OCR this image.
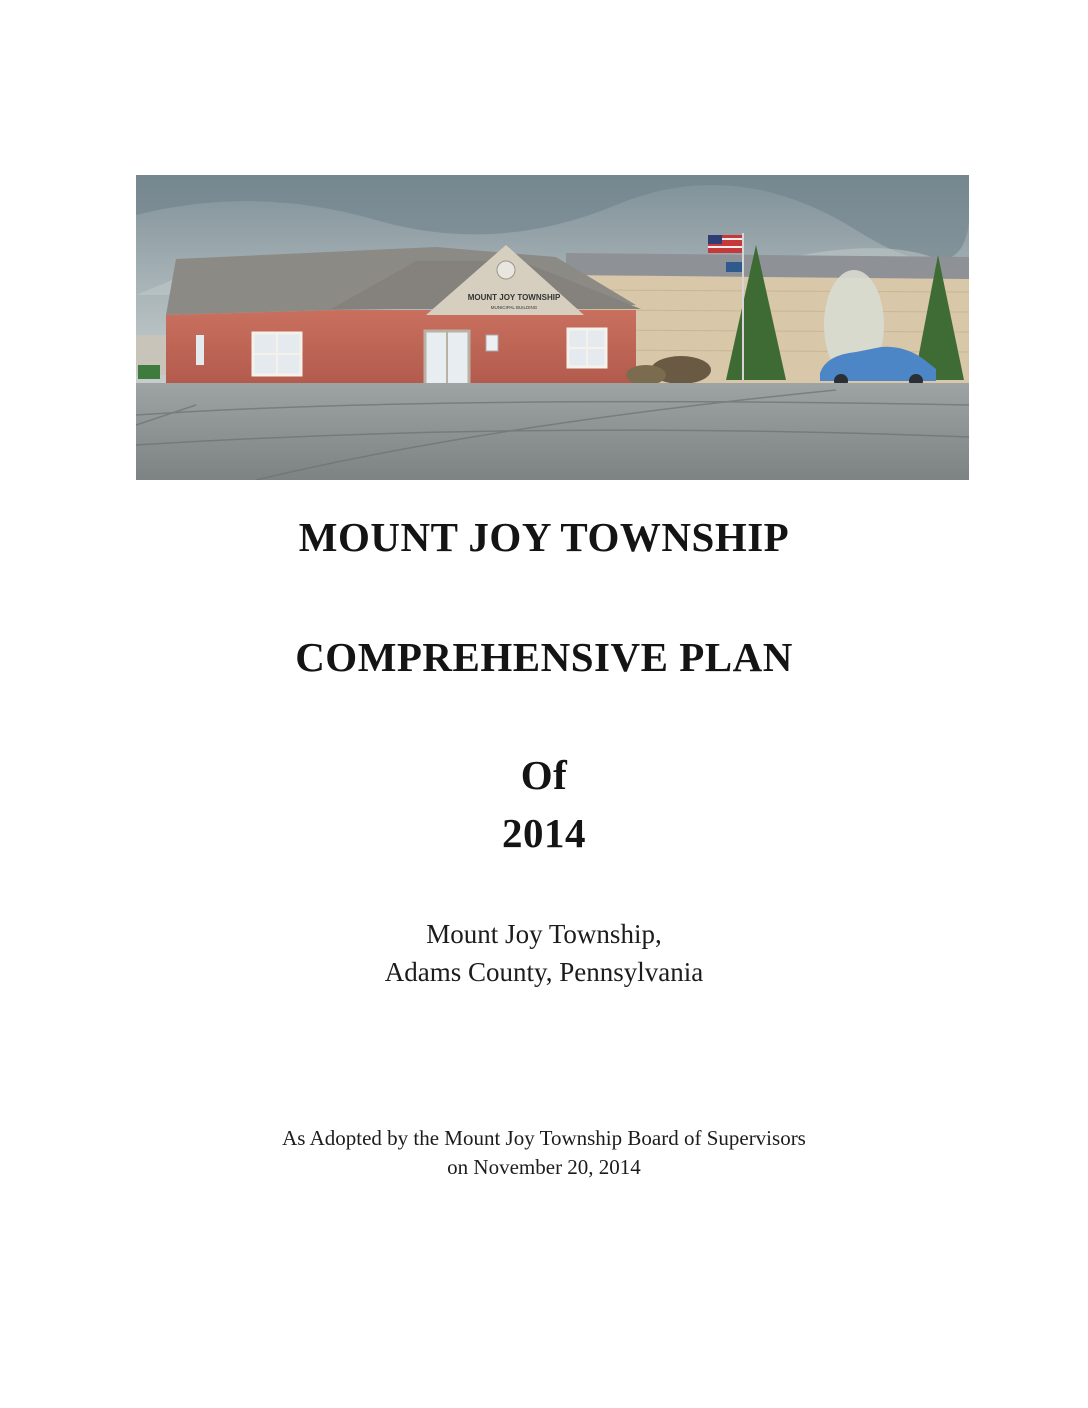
MOUNT JOY TOWNSHIP
MUNICIPAL BUILDING
MOUNT JOY TOWNSHIP
COMPREHENSIVE PLAN
Of
2014
Mount Joy Township,
Adams County, Pennsylvania
As Adopted by the Mount Joy Township Board of Supervisors
on November 20, 2014
